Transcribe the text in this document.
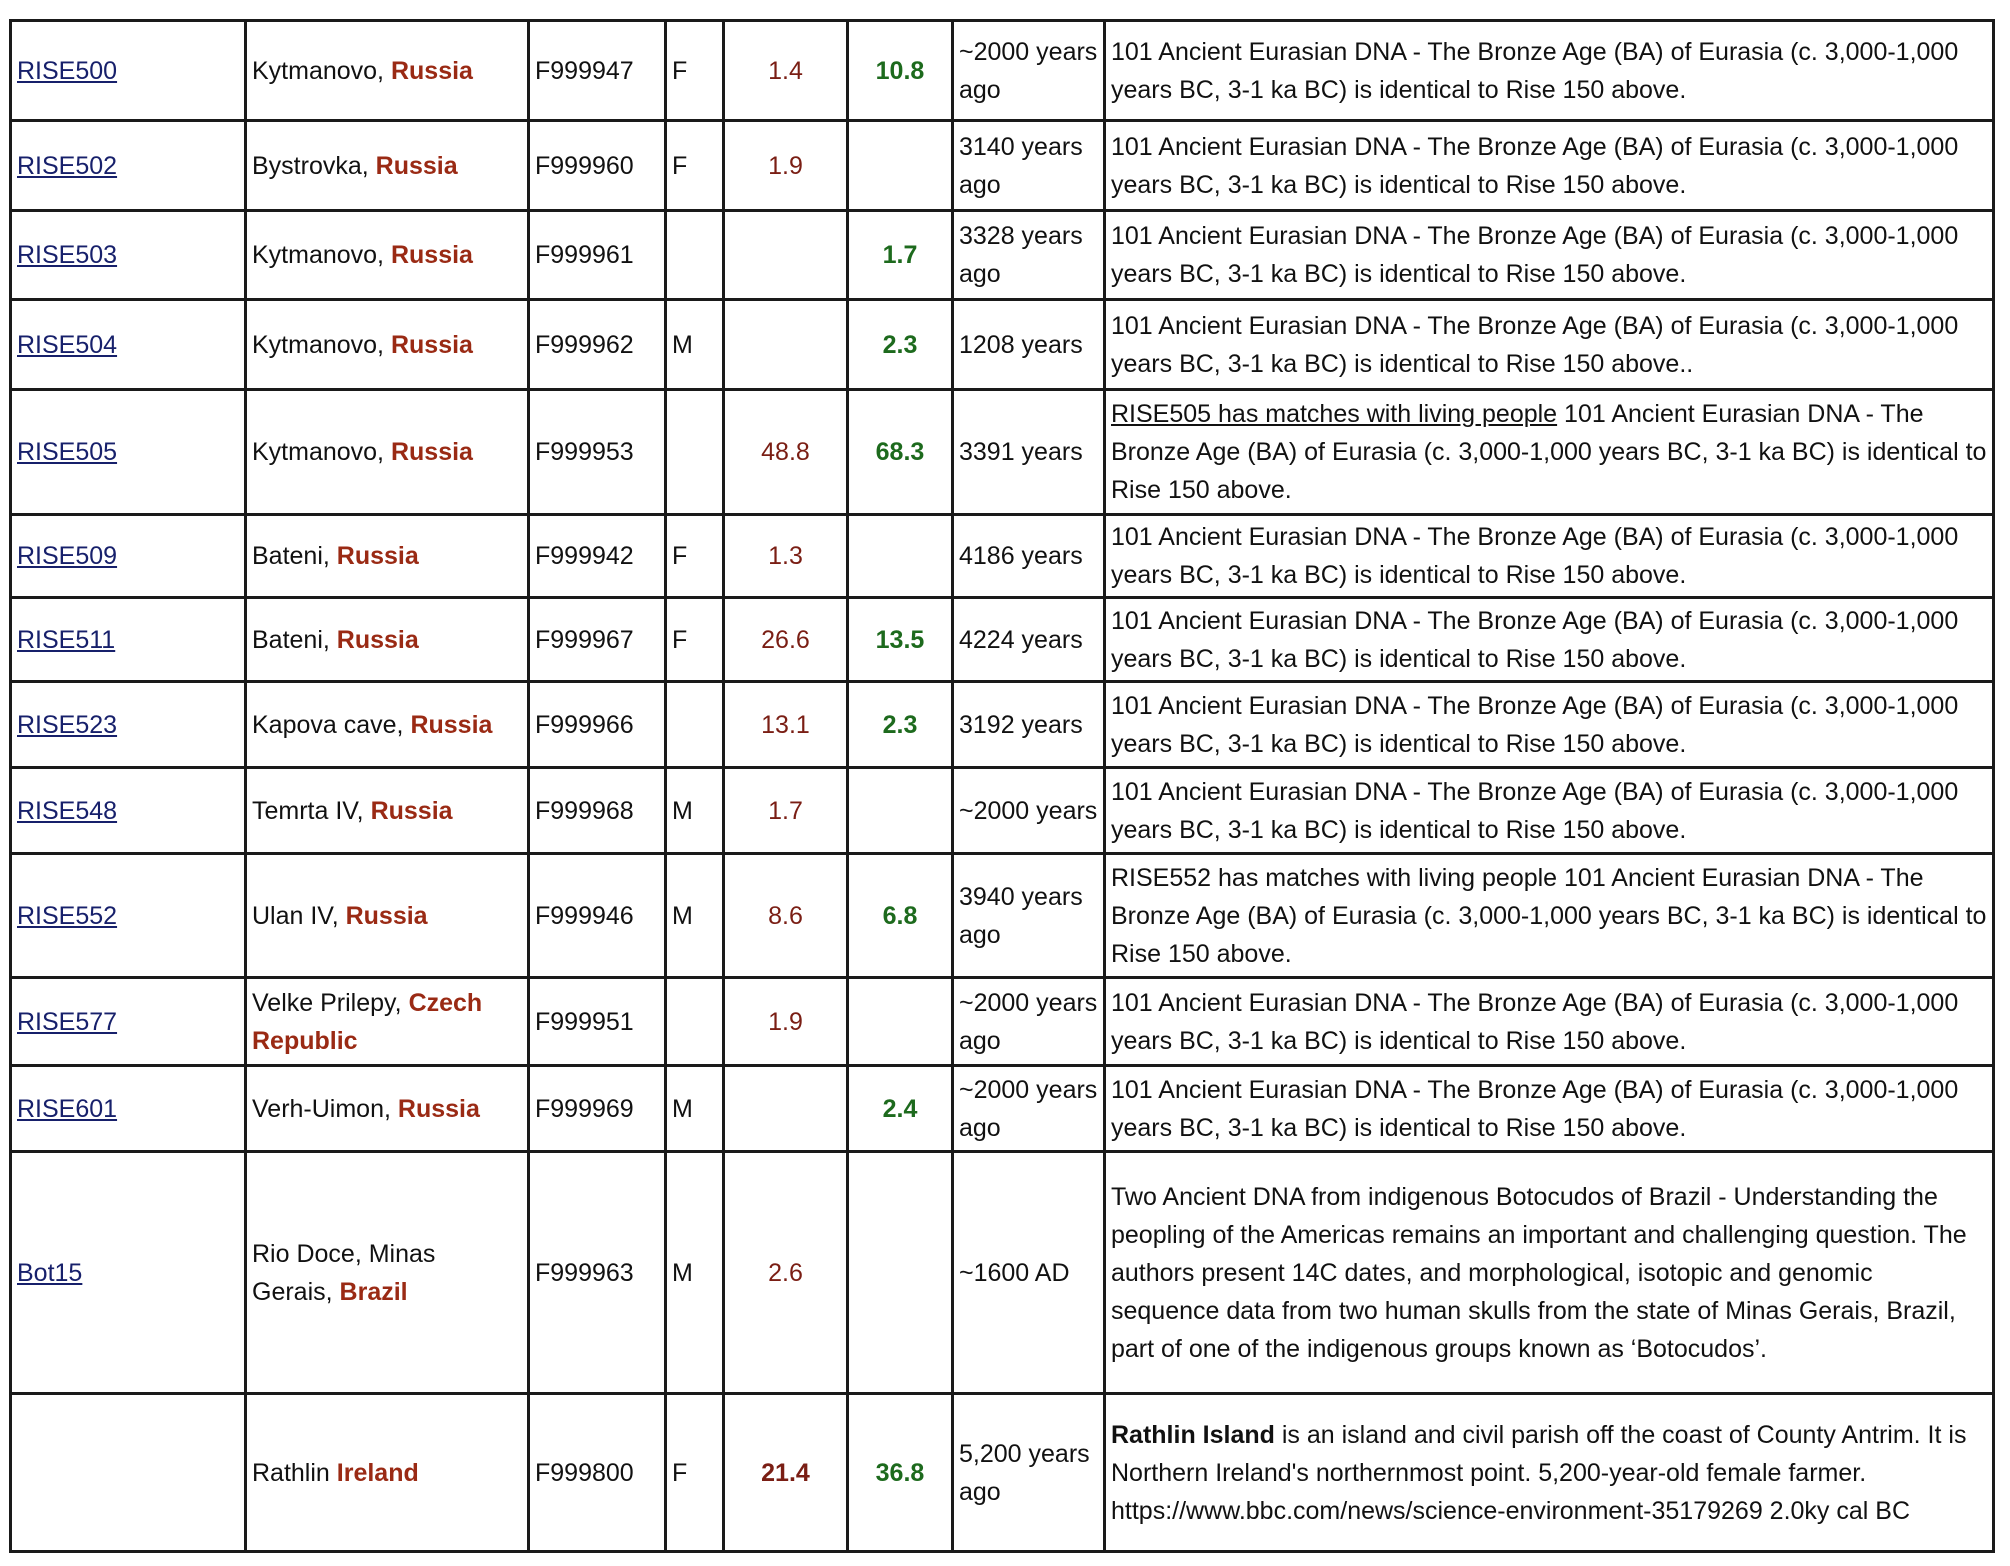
RISE500	Kytmanovo, Russia	F999947	F	1.4	10.8	~2000 years ago	101 Ancient Eurasian DNA - The Bronze Age (BA) of Eurasia (c. 3,000-1,000 years BC, 3-1 ka BC) is identical to Rise 150 above.
RISE502	Bystrovka, Russia	F999960	F	1.9		3140 years ago	101 Ancient Eurasian DNA - The Bronze Age (BA) of Eurasia (c. 3,000-1,000 years BC, 3-1 ka BC) is identical to Rise 150 above.
RISE503	Kytmanovo, Russia	F999961			1.7	3328 years ago	101 Ancient Eurasian DNA - The Bronze Age (BA) of Eurasia (c. 3,000-1,000 years BC, 3-1 ka BC) is identical to Rise 150 above.
RISE504	Kytmanovo, Russia	F999962	M		2.3	1208 years	101 Ancient Eurasian DNA - The Bronze Age (BA) of Eurasia (c. 3,000-1,000 years BC, 3-1 ka BC) is identical to Rise 150 above..
RISE505	Kytmanovo, Russia	F999953		48.8	68.3	3391 years	RISE505 has matches with living people 101 Ancient Eurasian DNA - The Bronze Age (BA) of Eurasia (c. 3,000-1,000 years BC, 3-1 ka BC) is identical to Rise 150 above.
RISE509	Bateni, Russia	F999942	F	1.3		4186 years	101 Ancient Eurasian DNA - The Bronze Age (BA) of Eurasia (c. 3,000-1,000 years BC, 3-1 ka BC) is identical to Rise 150 above.
RISE511	Bateni, Russia	F999967	F	26.6	13.5	4224 years	101 Ancient Eurasian DNA - The Bronze Age (BA) of Eurasia (c. 3,000-1,000 years BC, 3-1 ka BC) is identical to Rise 150 above.
RISE523	Kapova cave, Russia	F999966		13.1	2.3	3192 years	101 Ancient Eurasian DNA - The Bronze Age (BA) of Eurasia (c. 3,000-1,000 years BC, 3-1 ka BC) is identical to Rise 150 above.
RISE548	Temrta IV, Russia	F999968	M	1.7		~2000 years	101 Ancient Eurasian DNA - The Bronze Age (BA) of Eurasia (c. 3,000-1,000 years BC, 3-1 ka BC) is identical to Rise 150 above.
RISE552	Ulan IV, Russia	F999946	M	8.6	6.8	3940 years ago	RISE552 has matches with living people 101 Ancient Eurasian DNA - The Bronze Age (BA) of Eurasia (c. 3,000-1,000 years BC, 3-1 ka BC) is identical to Rise 150 above.
RISE577	Velke Prilepy, Czech Republic	F999951		1.9		~2000 years ago	101 Ancient Eurasian DNA - The Bronze Age (BA) of Eurasia (c. 3,000-1,000 years BC, 3-1 ka BC) is identical to Rise 150 above.
RISE601	Verh-Uimon, Russia	F999969	M		2.4	~2000 years ago	101 Ancient Eurasian DNA - The Bronze Age (BA) of Eurasia (c. 3,000-1,000 years BC, 3-1 ka BC) is identical to Rise 150 above.
Bot15	Rio Doce, Minas Gerais, Brazil	F999963	M	2.6		~1600 AD	Two Ancient DNA from indigenous Botocudos of Brazil - Understanding the peopling of the Americas remains an important and challenging question. The authors present 14C dates, and morphological, isotopic and genomic sequence data from two human skulls from the state of Minas Gerais, Brazil, part of one of the indigenous groups known as ‘Botocudos’.
	Rathlin Ireland	F999800	F	21.4	36.8	5,200 years ago	Rathlin Island is an island and civil parish off the coast of County Antrim. It is Northern Ireland's northernmost point. 5,200-year-old female farmer. https://www.bbc.com/news/science-environment-35179269 2.0ky cal BC
